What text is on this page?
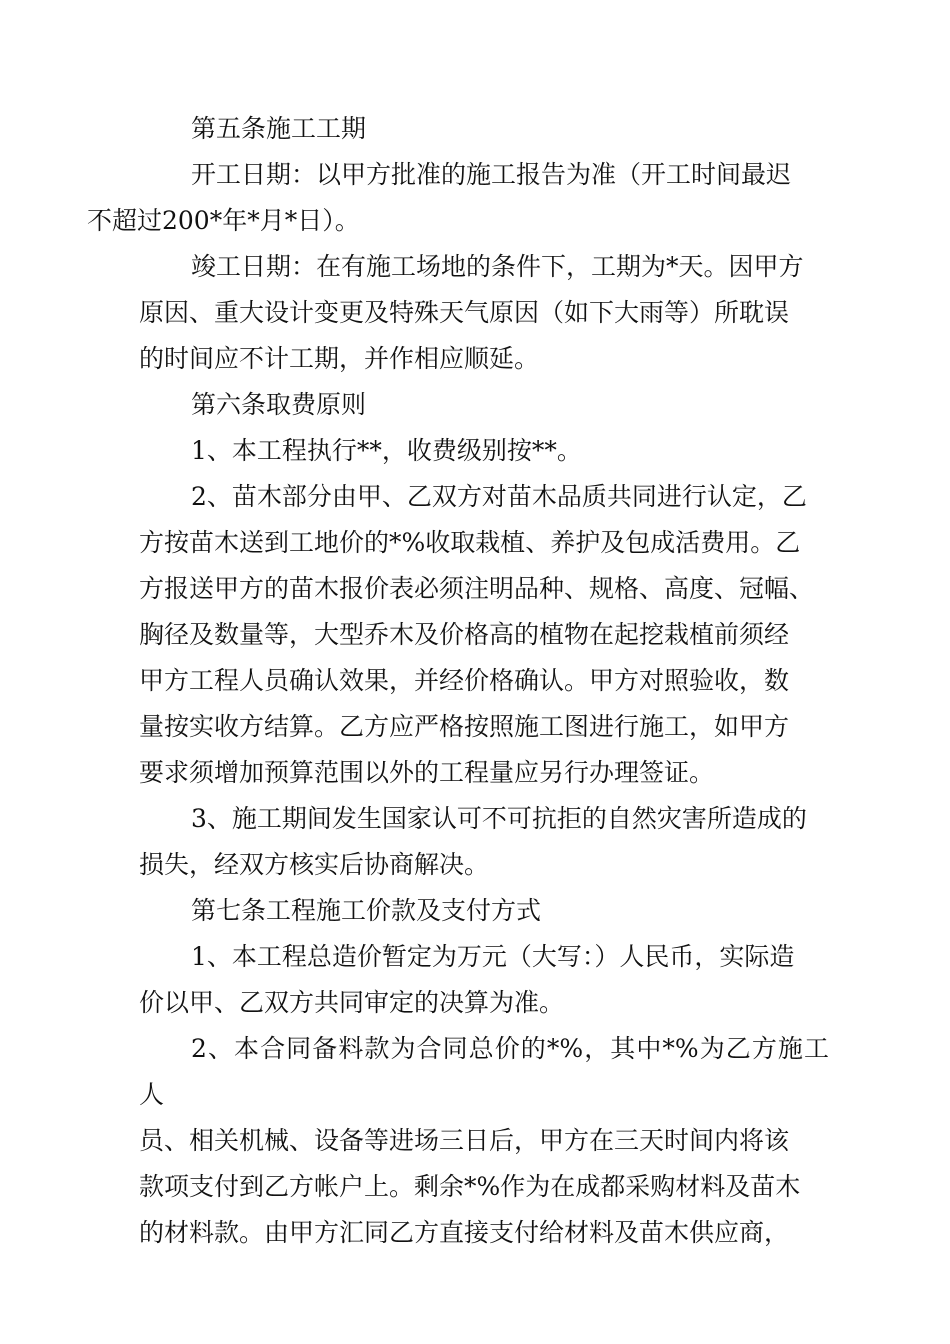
第五条施工工期

开工日期：以甲方批准的施工报告为准（开工时间最迟
不超过200*年*月*日）。

竣工日期：在有施工场地的条件下，工期为*天。因甲方
原因、重大设计变更及特殊天气原因（如下大雨等）所耽误
的时间应不计工期，并作相应顺延。

第六条取费原则

1、本工程执行**，收费级别按**。

2、苗木部分由甲、乙双方对苗木品质共同进行认定，乙
方按苗木送到工地价的*%收取栽植、养护及包成活费用。乙
方报送甲方的苗木报价表必须注明品种、规格、高度、冠幅、
胸径及数量等，大型乔木及价格高的植物在起挖栽植前须经
甲方工程人员确认效果，并经价格确认。甲方对照验收，数
量按实收方结算。乙方应严格按照施工图进行施工，如甲方
要求须增加预算范围以外的工程量应另行办理签证。

3、施工期间发生国家认可不可抗拒的自然灾害所造成的
损失，经双方核实后协商解决。

第七条工程施工价款及支付方式

1、本工程总造价暂定为万元（大写：）人民币，实际造
价以甲、乙双方共同审定的决算为准。

2、本合同备料款为合同总价的*%，其中*%为乙方施工人
员、相关机械、设备等进场三日后，甲方在三天时间内将该
款项支付到乙方帐户上。剩余*%作为在成都采购材料及苗木
的材料款。由甲方汇同乙方直接支付给材料及苗木供应商，
